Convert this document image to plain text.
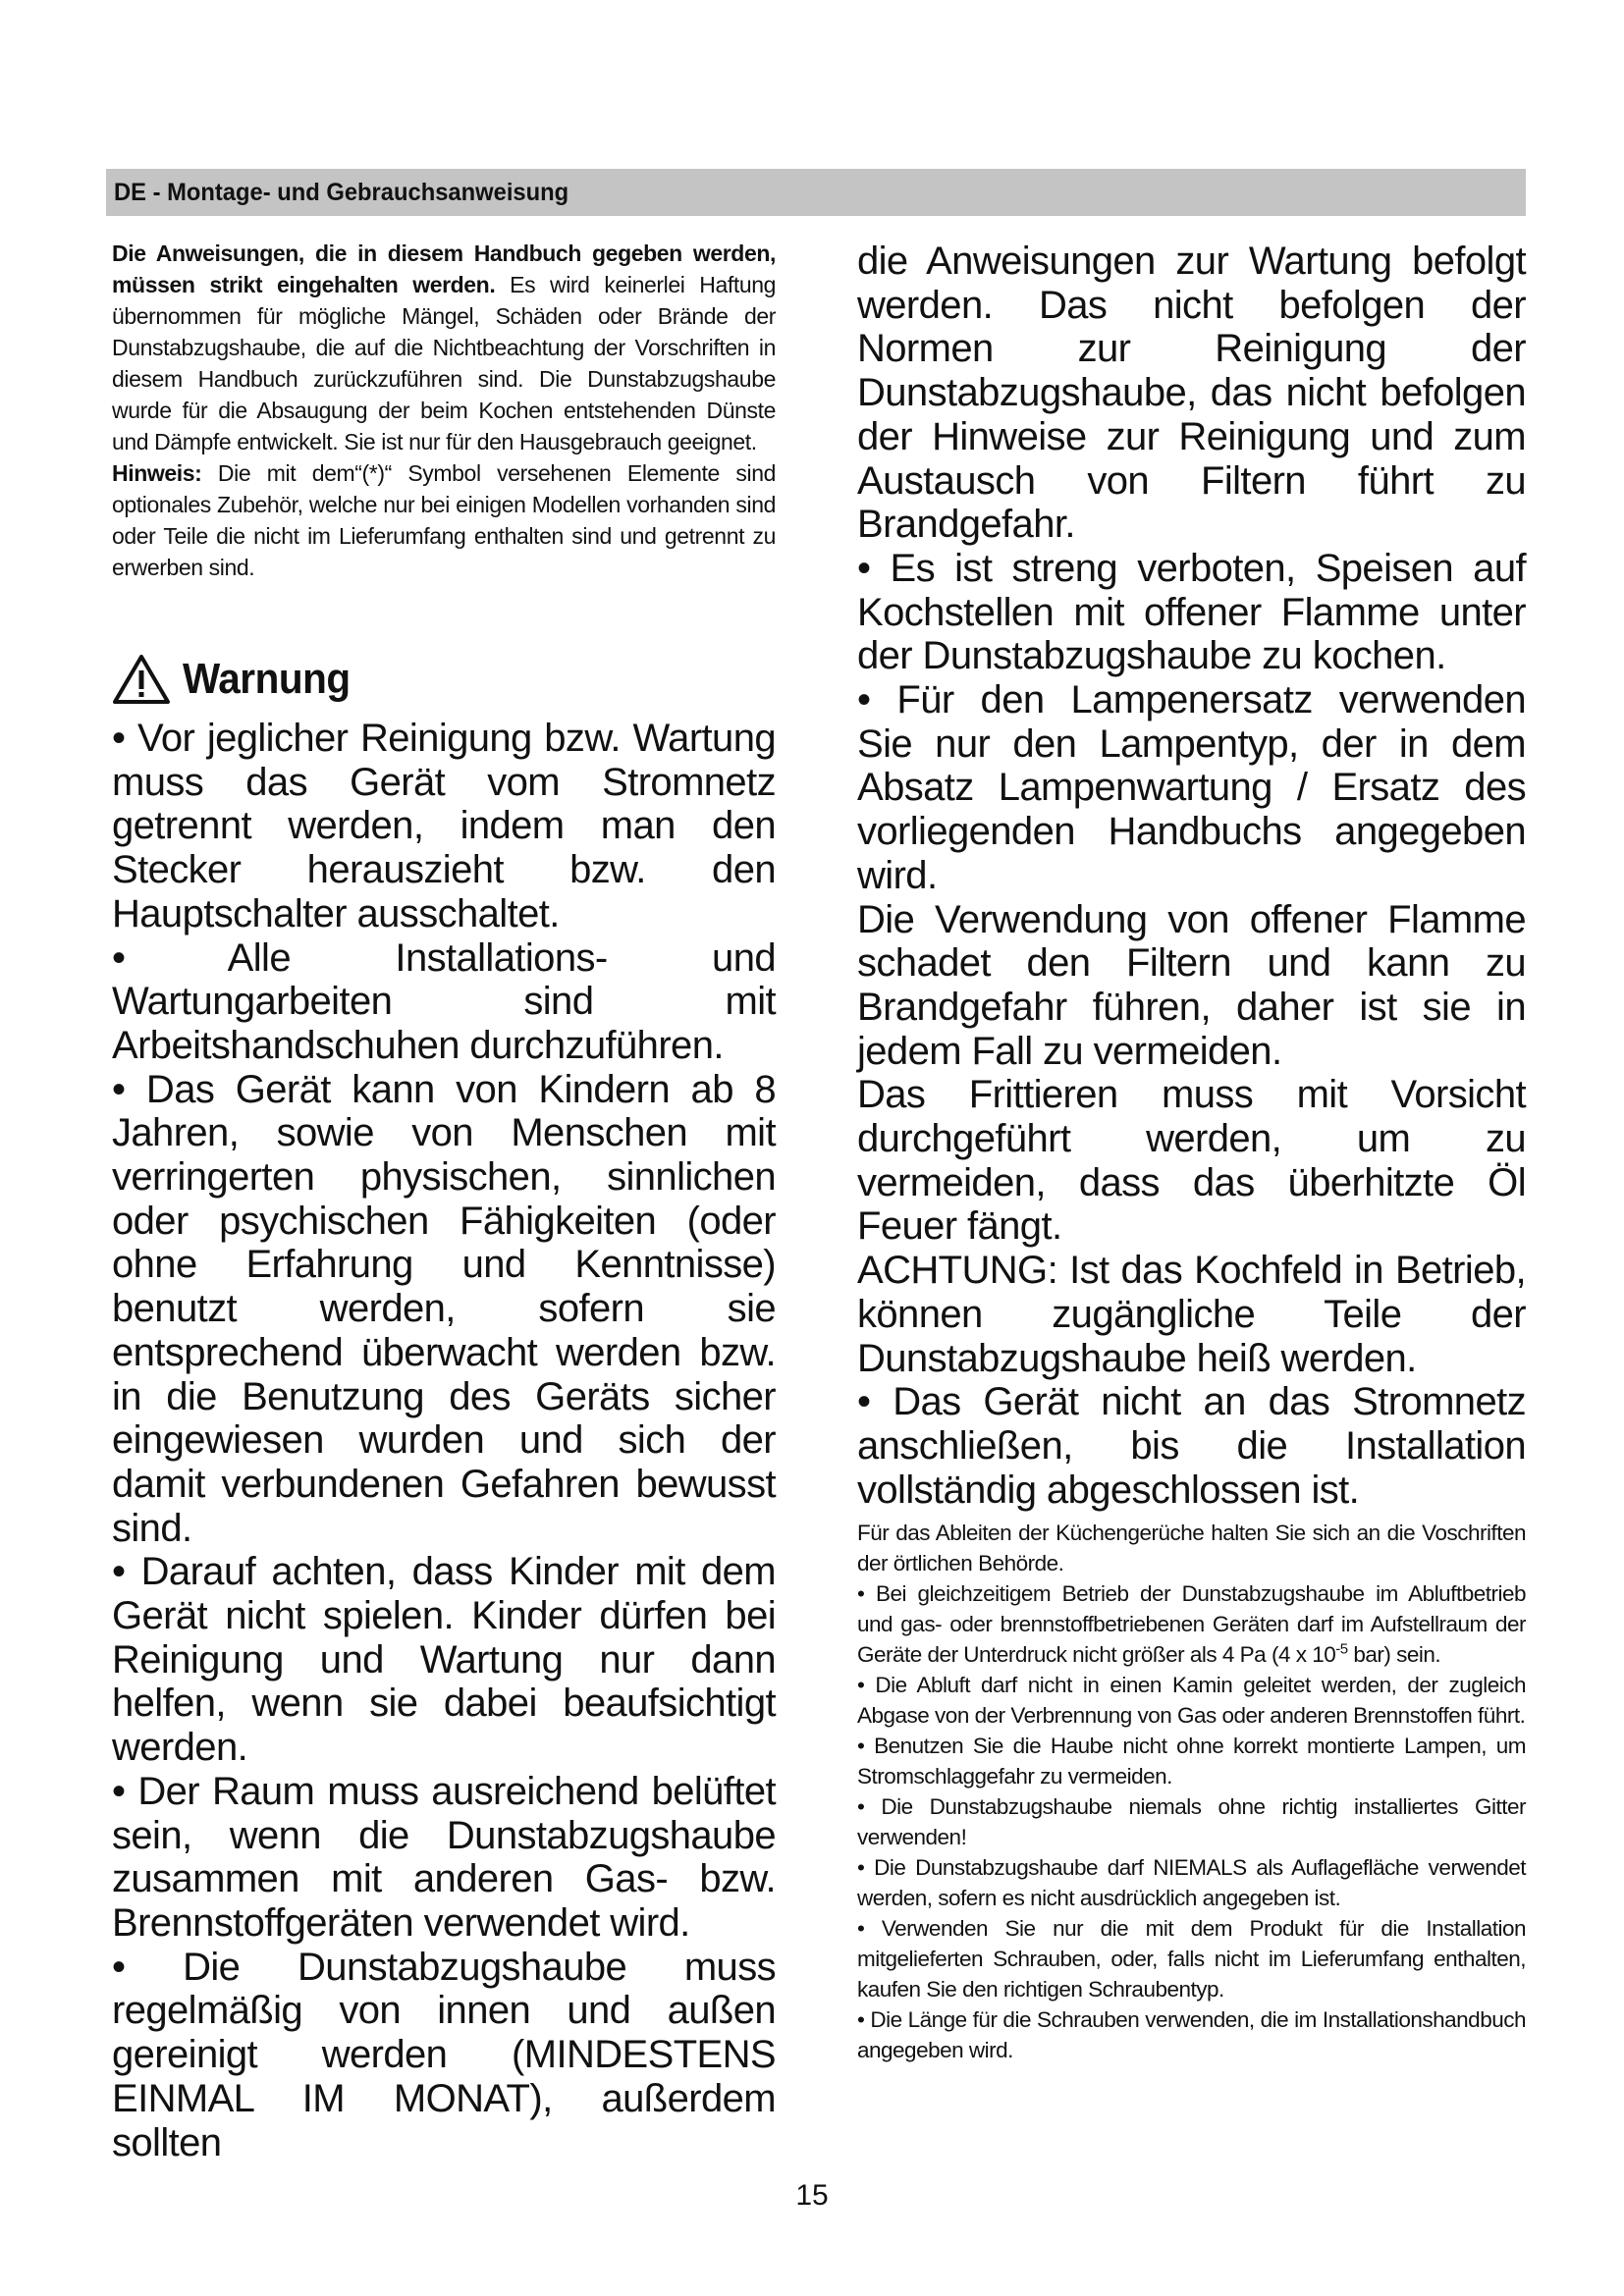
DE - Montage- und Gebrauchsanweisung

Die Anweisungen, die in diesem Handbuch gegeben werden, müssen strikt eingehalten werden. Es wird keinerlei Haftung übernommen für mögliche Mängel, Schäden oder Brände der Dunstabzugshaube, die auf die Nichtbeachtung der Vorschriften in diesem Handbuch zurückzuführen sind. Die Dunstabzugshaube wurde für die Absaugung der beim Kochen entstehenden Dünste und Dämpfe entwickelt. Sie ist nur für den Hausgebrauch geeignet.

Hinweis: Die mit dem“(*)“ Symbol versehenen Elemente sind optionales Zubehör, welche nur bei einigen Modellen vorhanden sind oder Teile die nicht im Lieferumfang enthalten sind und getrennt zu erwerben sind.

Warnung

• Vor jeglicher Reinigung bzw. Wartung muss das Gerät vom Stromnetz getrennt werden, indem man den Stecker herauszieht bzw. den Hauptschalter ausschaltet.

• Alle Installations- und Wartungarbeiten sind mit Arbeitshandschuhen durchzuführen.

• Das Gerät kann von Kindern ab 8 Jahren, sowie von Menschen mit verringerten physischen, sinnlichen oder psychischen Fähigkeiten (oder ohne Erfahrung und Kenntnisse) benutzt werden, sofern sie entsprechend überwacht werden bzw. in die Benutzung des Geräts sicher eingewiesen wurden und sich der damit verbundenen Gefahren bewusst sind.

• Darauf achten, dass Kinder mit dem Gerät nicht spielen. Kinder dürfen bei Reinigung und Wartung nur dann helfen, wenn sie dabei beaufsichtigt werden.

• Der Raum muss ausreichend belüftet sein, wenn die Dunstabzugshaube zusammen mit anderen Gas- bzw. Brennstoffgeräten verwendet wird.

• Die Dunstabzugshaube muss regelmäßig von innen und außen gereinigt werden (MINDESTENS EINMAL IM MONAT), außerdem sollten

die Anweisungen zur Wartung befolgt werden. Das nicht befolgen der Normen zur Reinigung der Dunstabzugshaube, das nicht befolgen der Hinweise zur Reinigung und zum Austausch von Filtern führt zu Brandgefahr.

• Es ist streng verboten, Speisen auf Kochstellen mit offener Flamme unter der Dunstabzugshaube zu kochen.

• Für den Lampenersatz verwenden Sie nur den Lampentyp, der in dem Absatz Lampenwartung / Ersatz des vorliegenden Handbuchs angegeben wird.

Die Verwendung von offener Flamme schadet den Filtern und kann zu Brandgefahr führen, daher ist sie in jedem Fall zu vermeiden.

Das Frittieren muss mit Vorsicht durchgeführt werden, um zu vermeiden, dass das überhitzte Öl Feuer fängt.

ACHTUNG: Ist das Kochfeld in Betrieb, können zugängliche Teile der Dunstabzugshaube heiß werden.

• Das Gerät nicht an das Stromnetz anschließen, bis die Installation vollständig abgeschlossen ist.

Für das Ableiten der Küchengerüche halten Sie sich an die Voschriften der örtlichen Behörde.

• Bei gleichzeitigem Betrieb der Dunstabzugshaube im Abluftbetrieb und gas- oder brennstoffbetriebenen Geräten darf im Aufstellraum der Geräte der Unterdruck nicht größer als 4 Pa (4 x $10^{-5}$ bar) sein.

• Die Abluft darf nicht in einen Kamin geleitet werden, der zugleich Abgase von der Verbrennung von Gas oder anderen Brennstoffen führt.

• Benutzen Sie die Haube nicht ohne korrekt montierte Lampen, um Stromschlaggefahr zu vermeiden.

• Die Dunstabzugshaube niemals ohne richtig installiertes Gitter verwenden!

• Die Dunstabzugshaube darf NIEMALS als Auflagefläche verwendet werden, sofern es nicht ausdrücklich angegeben ist.

• Verwenden Sie nur die mit dem Produkt für die Installation mitgelieferten Schrauben, oder, falls nicht im Lieferumfang enthalten, kaufen Sie den richtigen Schraubentyp.

• Die Länge für die Schrauben verwenden, die im Installationshandbuch angegeben wird.

15
